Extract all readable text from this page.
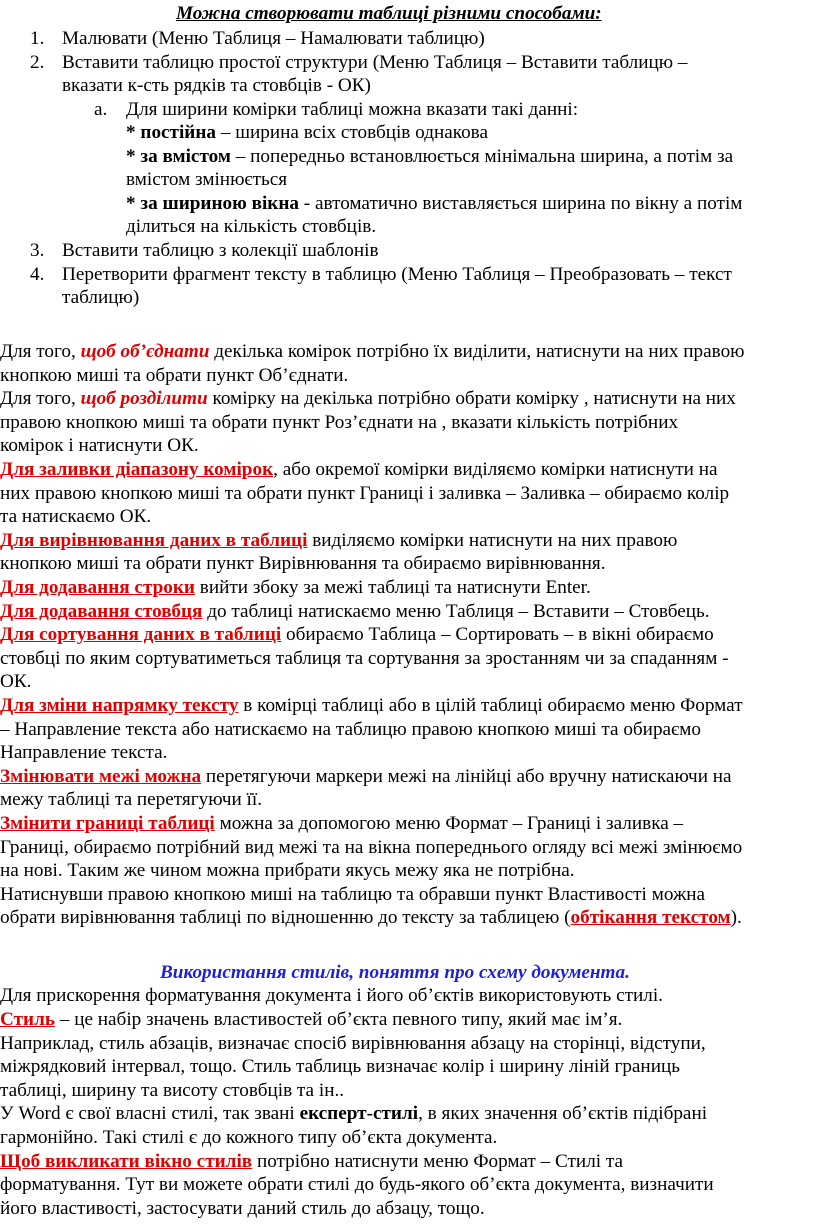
Можна створювати таблиці різними способами:
1. Малювати (Меню Таблиця – Намалювати таблицю)
2. Вставити таблицю простої структури (Меню Таблиця – Вставити таблицю –
вказати к-сть рядків та стовбців - ОК)
a. Для ширини комірки таблиці можна вказати такі данні:
* постійна – ширина всіх стовбців однакова
* за вмістом – попередньо встановлюється мінімальна ширина, а потім за
вмістом змінюється
* за шириною вікна - автоматично виставляється ширина по вікну а потім
ділиться на кількість стовбців.
3. Вставити таблицю з колекції шаблонів
4. Перетворити фрагмент тексту в таблицю (Меню Таблиця – Преобразовать – текст
таблицю)
Для того, щоб об’єднати декілька комірок потрібно їх виділити, натиснути на них правою
кнопкою миші та обрати пункт Об’єднати.
Для того, щоб розділити комірку на декілька потрібно обрати комірку , натиснути на них
правою кнопкою миші та обрати пункт Роз’єднати на , вказати кількість потрібних
комірок і натиснути ОК.
Для заливки діапазону комірок, або окремої комірки виділяємо комірки натиснути на
них правою кнопкою миші та обрати пункт Границі і заливка – Заливка – обираємо колір
та натискаємо ОК.
Для вирівнювання даних в таблиці виділяємо комірки натиснути на них правою
кнопкою миші та обрати пункт Вирівнювання та обираємо вирівнювання.
Для додавання строки вийти збоку за межі таблиці та натиснути Enter.
Для додавання стовбця до таблиці натискаємо меню Таблиця – Вставити – Стовбець.
Для сортування даних в таблиці обираємо Таблица – Сортировать – в вікні обираємо
стовбці по яким сортуватиметься таблиця та сортування за зростанням чи за спаданням -
ОК.
Для зміни напрямку тексту в комірці таблиці або в цілій таблиці обираємо меню Формат
– Направление текста або натискаємо на таблицю правою кнопкою миші та обираємо
Направление текста.
Змінювати межі можна перетягуючи маркери межі на лінійці або вручну натискаючи на
межу таблиці та перетягуючи її.
Змінити границі таблиці можна за допомогою меню Формат – Границі і заливка –
Границі, обираємо потрібний вид межі та на вікна попереднього огляду всі межі змінюємо
на нові. Таким же чином можна прибрати якусь межу яка не потрібна.
Натиснувши правою кнопкою миші на таблицю та обравши пункт Властивості можна
обрати вирівнювання таблиці по відношенню до тексту за таблицею (обтікання текстом).
Використання стилів, поняття про схему документа.
Для прискорення форматування документа і його об’єктів використовують стилі.
Стиль – це набір значень властивостей об’єкта певного типу, який має ім’я.
Наприклад, стиль абзаців, визначає спосіб вирівнювання абзацу на сторінці, відступи,
міжрядковий інтервал, тощо. Стиль таблиць визначає колір і ширину ліній границь
таблиці, ширину та висоту стовбців та ін..
У Word є свої власні стилі, так звані експерт-стилі, в яких значення об’єктів підібрані
гармонійно. Такі стилі є до кожного типу об’єкта документа.
Щоб викликати вікно стилів потрібно натиснути меню Формат – Стилі та
форматування. Тут ви можете обрати стилі до будь-якого об’єкта документа, визначити
його властивості, застосувати даний стиль до абзацу, тощо.
